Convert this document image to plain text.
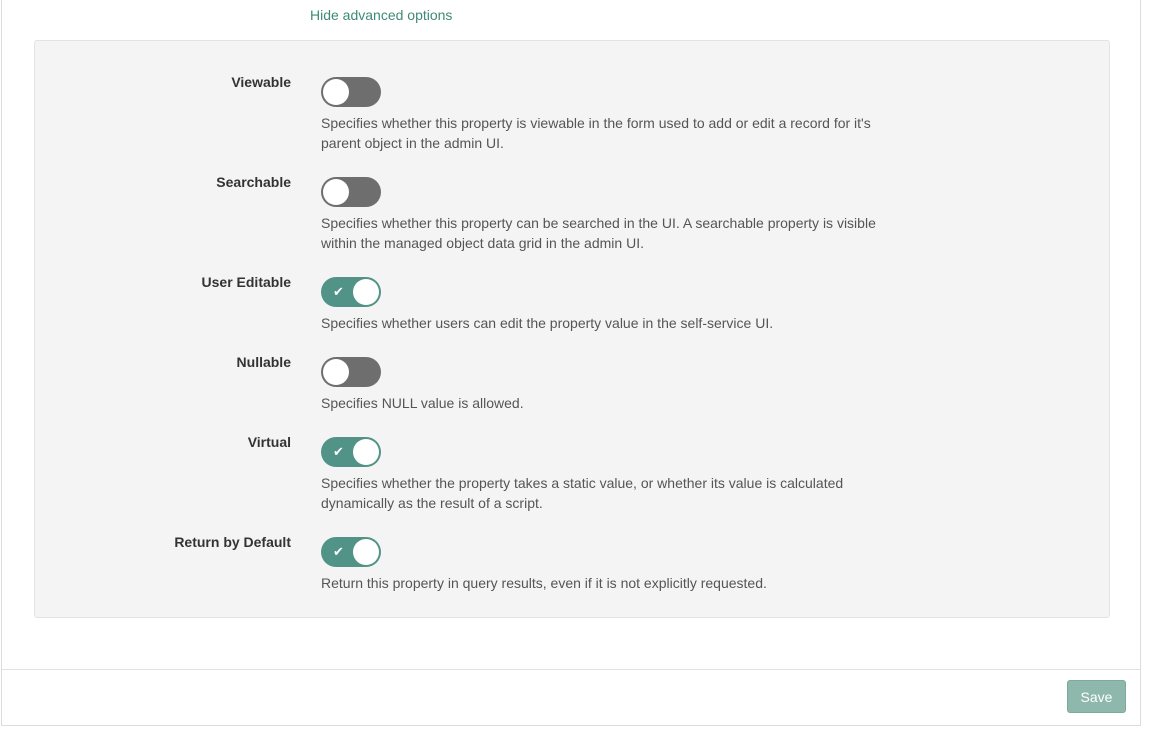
Hide advanced options
Viewable
Specifies whether this property is viewable in the form used to add or edit a record for it's parent object in the admin UI.
Searchable
Specifies whether this property can be searched in the UI. A searchable property is visible within the managed object data grid in the admin UI.
User Editable
✔
Specifies whether users can edit the property value in the self-service UI.
Nullable
Specifies NULL value is allowed.
Virtual
✔
Specifies whether the property takes a static value, or whether its value is calculated dynamically as the result of a script.
Return by Default
✔
Return this property in query results, even if it is not explicitly requested.
Save
